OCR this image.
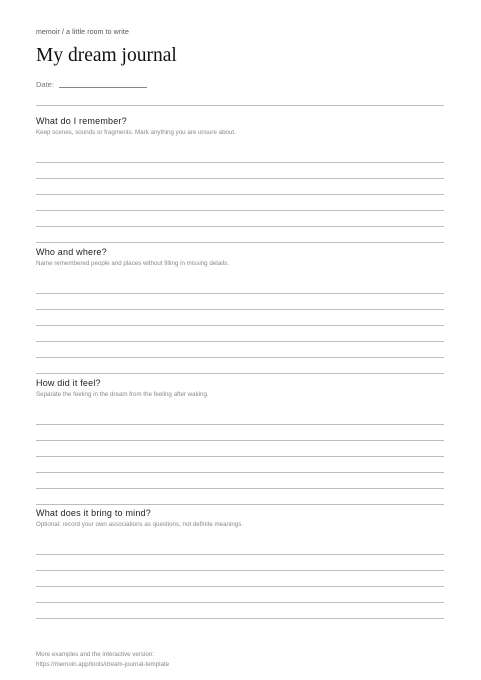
memoir / a little room to write
My dream journal
Date:
What do I remember?

Keep scenes, sounds or fragments. Mark anything you are unsure about.

Who and where?

Name remembered people and places without filling in missing details.

How did it feel?

Separate the feeling in the dream from the feeling after waking.

What does it bring to mind?

Optional: record your own associations as questions, not definite meanings.

More examples and the interactive version:
https://memoin.app/tools/dream-journal-template
